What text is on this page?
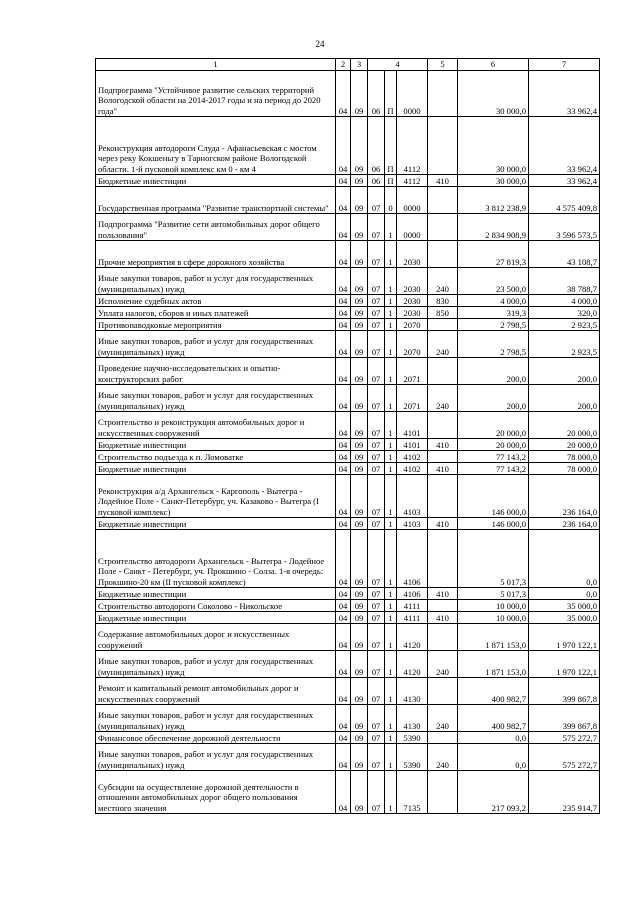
24
1	2	3	4			5	6	7
Подпрограмма "Устойчивое развитие сельских территорий Вологодской области на 2014-2017 годы и на период до 2020 года"	04	09	06	П	0000		30 000,0	33 962,4
Реконструкция автодороги Слуда - Афанасьевская с мостом через реку Кокшеньгу в Тарногском районе Вологодской области. 1-й пусковой комплекс км 0 - км 4	04	09	06	П	4112		30 000,0	33 962,4
Бюджетные инвестиции	04	09	06	П	4112	410	30 000,0	33 962,4
Государственная программа "Развитие транспортной системы"	04	09	07	0	0000		3 812 238,9	4 575 409,8
Подпрограмма "Развитие сети автомобильных дорог общего пользования"	04	09	07	1	0000		2 834 908,9	3 596 573,5
Прочие мероприятия в сфере дорожного хозяйства	04	09	07	1	2030		27 819,3	43 108,7
Иные закупки товаров, работ и услуг для государственных (муниципальных) нужд	04	09	07	1	2030	240	23 500,0	38 788,7
Исполнение судебных актов	04	09	07	1	2030	830	4 000,0	4 000,0
Уплата налогов, сборов и иных платежей	04	09	07	1	2030	850	319,3	320,0
Противопаводковые мероприятия	04	09	07	1	2070		2 798,5	2 923,5
Иные закупки товаров, работ и услуг для государственных (муниципальных) нужд	04	09	07	1	2070	240	2 798,5	2 923,5
Проведение научно-исследовательских и опытно-конструкторских работ	04	09	07	1	2071		200,0	200,0
Иные закупки товаров, работ и услуг для государственных (муниципальных) нужд	04	09	07	1	2071	240	200,0	200,0
Строительство и реконструкция автомобильных дорог и искусственных сооружений	04	09	07	1	4101		20 000,0	20 000,0
Бюджетные инвестиции	04	09	07	1	4101	410	20 000,0	20 000,0
Строительство подъезда к п. Ломоватке	04	09	07	1	4102		77 143,2	78 000,0
Бюджетные инвестиции	04	09	07	1	4102	410	77 143,2	78 000,0
Реконструкция а/д Архангельск - Каргополь - Вытегра - Лодейное Поле - Санкт-Петербург, уч. Казаково - Вытегра (I пусковой комплекс)	04	09	07	1	4103		146 000,0	236 164,0
Бюджетные инвестиции	04	09	07	1	4103	410	146 000,0	236 164,0
Строительство автодороги Архангельск - Вытегра - Лодейное Поле - Санкт - Петербург, уч. Прокшино - Солза. 1-я очередь: Прокшино-20 км (II пусковой комплекс)	04	09	07	1	4106		5 017,3	0,0
Бюджетные инвестиции	04	09	07	1	4106	410	5 017,3	0,0
Строительство автодороги Соколово - Никольское	04	09	07	1	4111		10 000,0	35 000,0
Бюджетные инвестиции	04	09	07	1	4111	410	10 000,0	35 000,0
Содержание автомобильных дорог и искусственных сооружений	04	09	07	1	4120		1 871 153,0	1 970 122,1
Иные закупки товаров, работ и услуг для государственных (муниципальных) нужд	04	09	07	1	4120	240	1 871 153,0	1 970 122,1
Ремонт и капитальный ремонт автомобильных дорог и искусственных сооружений	04	09	07	1	4130		400 982,7	399 867,8
Иные закупки товаров, работ и услуг для государственных (муниципальных) нужд	04	09	07	1	4130	240	400 982,7	399 867,8
Финансовое обеспечение дорожной деятельности	04	09	07	1	5390		0,0	575 272,7
Иные закупки товаров, работ и услуг для государственных (муниципальных) нужд	04	09	07	1	5390	240	0,0	575 272,7
Субсидии на осуществление дорожной деятельности в отношении автомобильных дорог общего пользования местного значения	04	09	07	1	7135		217 093,2	235 914,7
